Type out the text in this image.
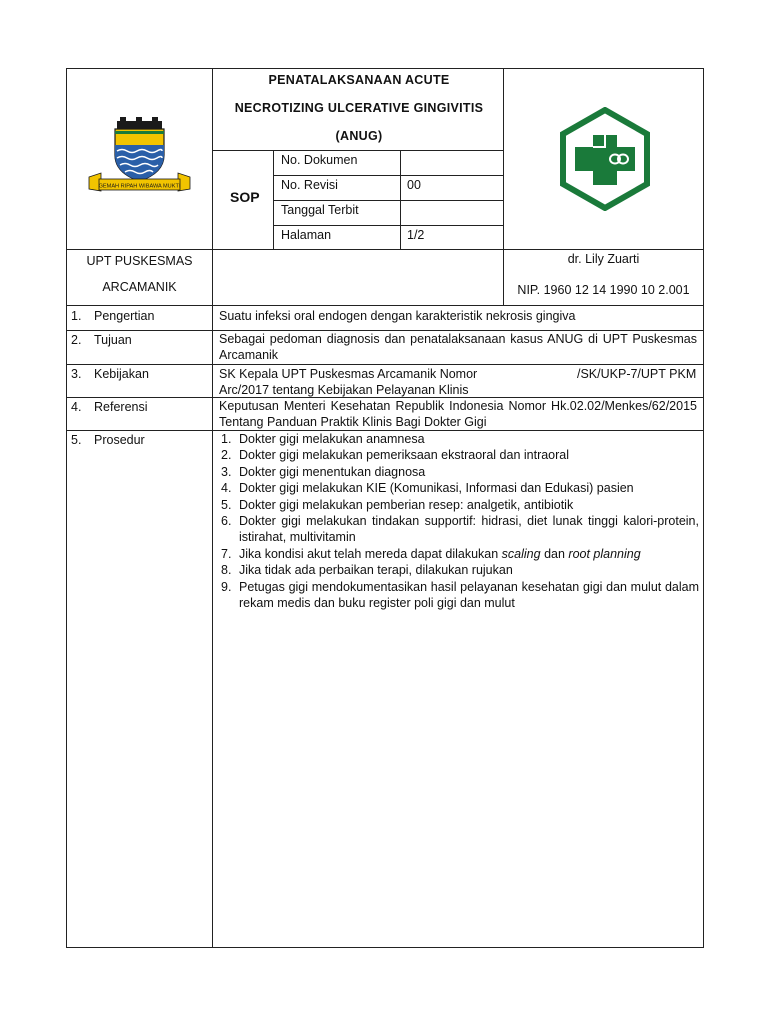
GEMAH RIPAH WIBAWA MUKTI
PENATALAKSANAAN ACUTE
NECROTIZING ULCERATIVE GINGIVITIS
(ANUG)
SOP
No. Dokumen
No. Revisi	00
Tanggal Terbit
Halaman	1/2
UPT PUSKESMAS
ARCAMANIK
dr. Lily Zuarti
NIP. 1960 12 14 1990 10 2.001
1. Pengertian	Suatu infeksi oral endogen dengan karakteristik nekrosis gingiva
2. Tujuan	Sebagai pedoman diagnosis dan penatalaksanaan kasus ANUG di UPT Puskesmas Arcamanik
3. Kebijakan	SK Kepala UPT Puskesmas Arcamanik Nomor	/SK/UKP-7/UPT PKM
Arc/2017 tentang Kebijakan Pelayanan Klinis
4. Referensi	Keputusan Menteri Kesehatan Republik Indonesia Nomor Hk.02.02/Menkes/62/2015 Tentang Panduan Praktik Klinis Bagi Dokter Gigi
5. Prosedur	1. Dokter gigi melakukan anamnesa
2. Dokter gigi melakukan pemeriksaan ekstraoral dan intraoral
3. Dokter gigi menentukan diagnosa
4. Dokter gigi melakukan KIE (Komunikasi, Informasi dan Edukasi) pasien
5. Dokter gigi melakukan pemberian resep: analgetik, antibiotik
6. Dokter gigi melakukan tindakan supportif: hidrasi, diet lunak tinggi kalori-protein, istirahat, multivitamin
7. Jika kondisi akut telah mereda dapat dilakukan scaling dan root planning
8. Jika tidak ada perbaikan terapi, dilakukan rujukan
9. Petugas gigi mendokumentasikan hasil pelayanan kesehatan gigi dan mulut dalam rekam medis dan buku register poli gigi dan mulut
